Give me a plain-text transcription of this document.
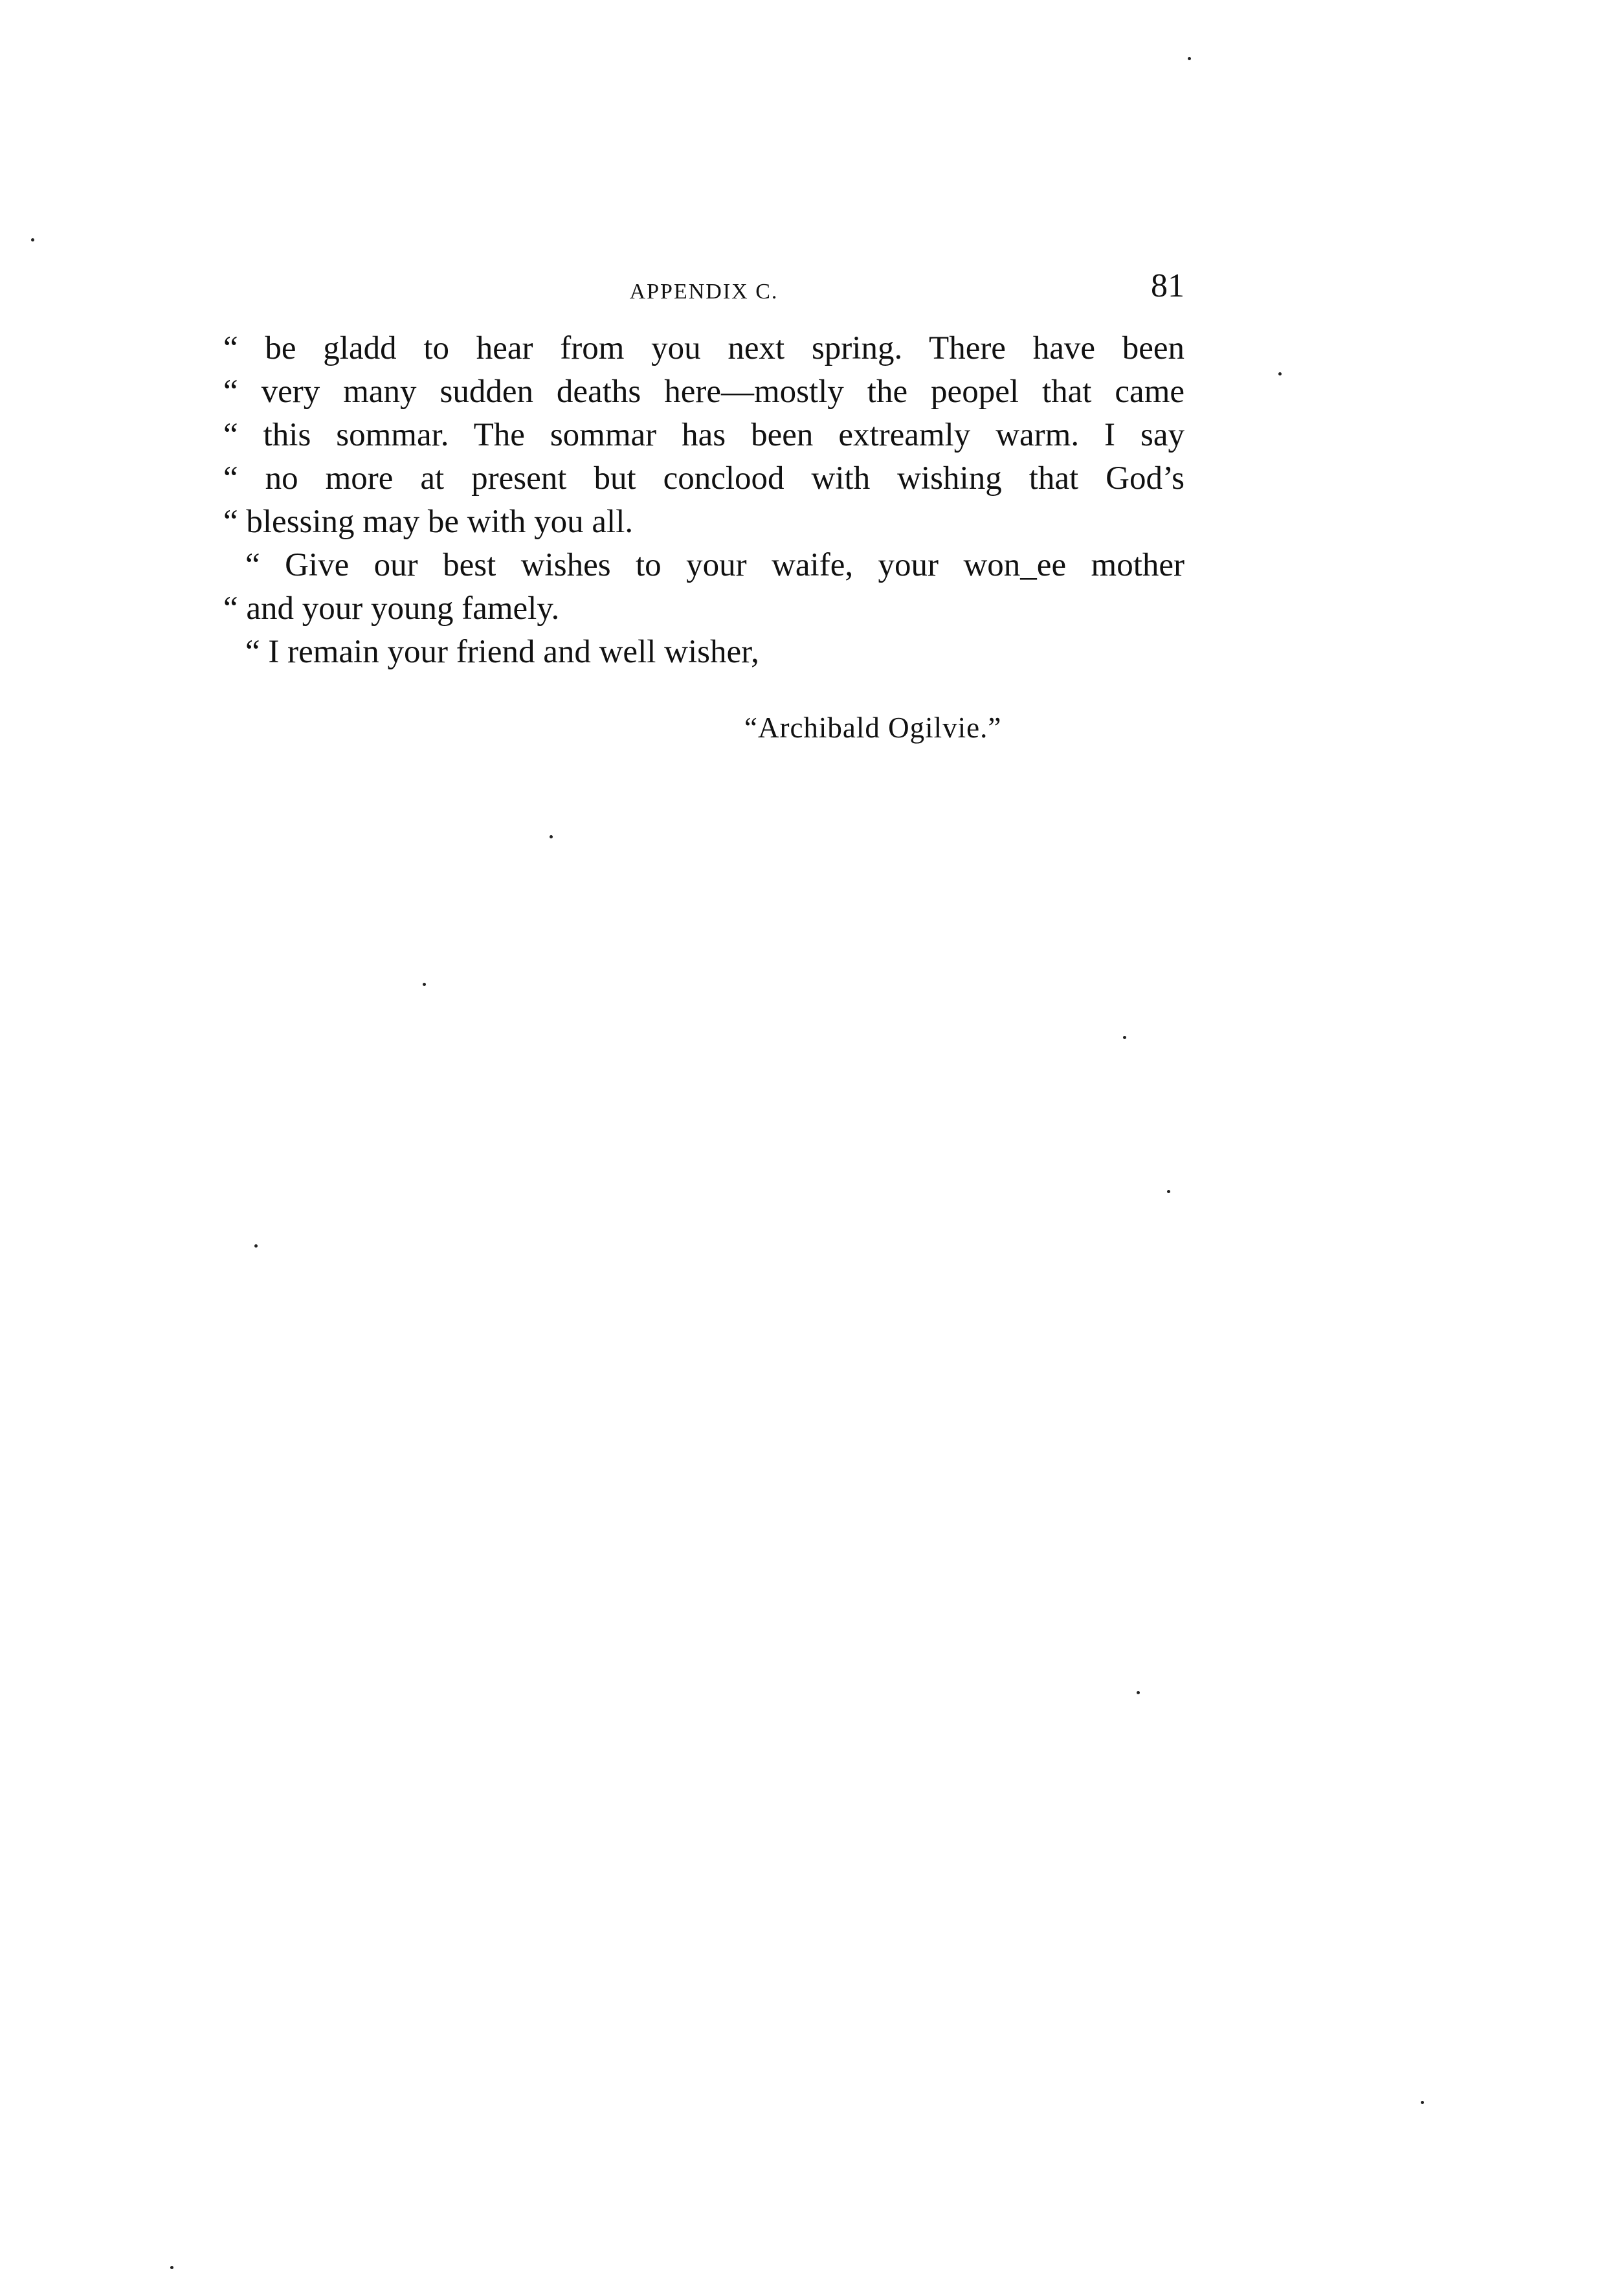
APPENDIX C.	81
“ be gladd to hear from you next spring. There have been
“ very many sudden deaths here—mostly the peopel that came
“ this sommar. The sommar has been extreamly warm. I say
“ no more at present but conclood with wishing that God’s
“ blessing may be with you all.
“ Give our best wishes to your waife, your won_ee mother
“ and your young famely.
“ I remain your friend and well wisher,
“Archibald Ogilvie.”
